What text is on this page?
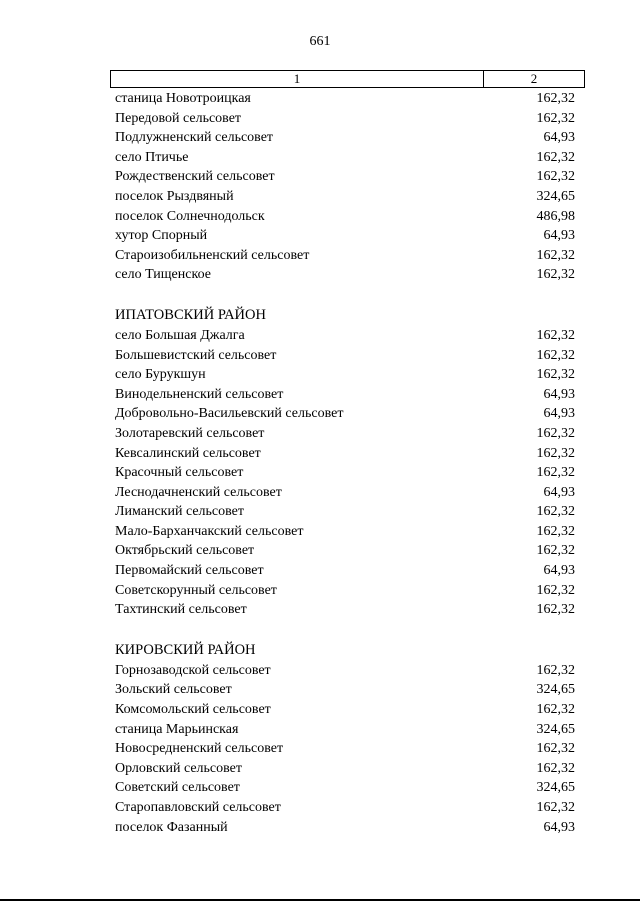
661
1	2
станица Новотроицкая	162,32
Передовой сельсовет	162,32
Подлужненский сельсовет	64,93
село Птичье	162,32
Рождественский сельсовет	162,32
поселок Рыздвяный	324,65
поселок Солнечнодольск	486,98
хутор Спорный	64,93
Староизобильненский сельсовет	162,32
село Тищенское	162,32
ИПАТОВСКИЙ РАЙОН
село Большая Джалга	162,32
Большевистский сельсовет	162,32
село Бурукшун	162,32
Винодельненский сельсовет	64,93
Добровольно-Васильевский сельсовет	64,93
Золотаревский сельсовет	162,32
Кевсалинский сельсовет	162,32
Красочный сельсовет	162,32
Леснодачненский сельсовет	64,93
Лиманский сельсовет	162,32
Мало-Барханчакский сельсовет	162,32
Октябрьский сельсовет	162,32
Первомайский сельсовет	64,93
Советскорунный сельсовет	162,32
Тахтинский сельсовет	162,32
КИРОВСКИЙ РАЙОН
Горнозаводской сельсовет	162,32
Зольский сельсовет	324,65
Комсомольский сельсовет	162,32
станица Марьинская	324,65
Новосредненский сельсовет	162,32
Орловский сельсовет	162,32
Советский сельсовет	324,65
Старопавловский сельсовет	162,32
поселок Фазанный	64,93
